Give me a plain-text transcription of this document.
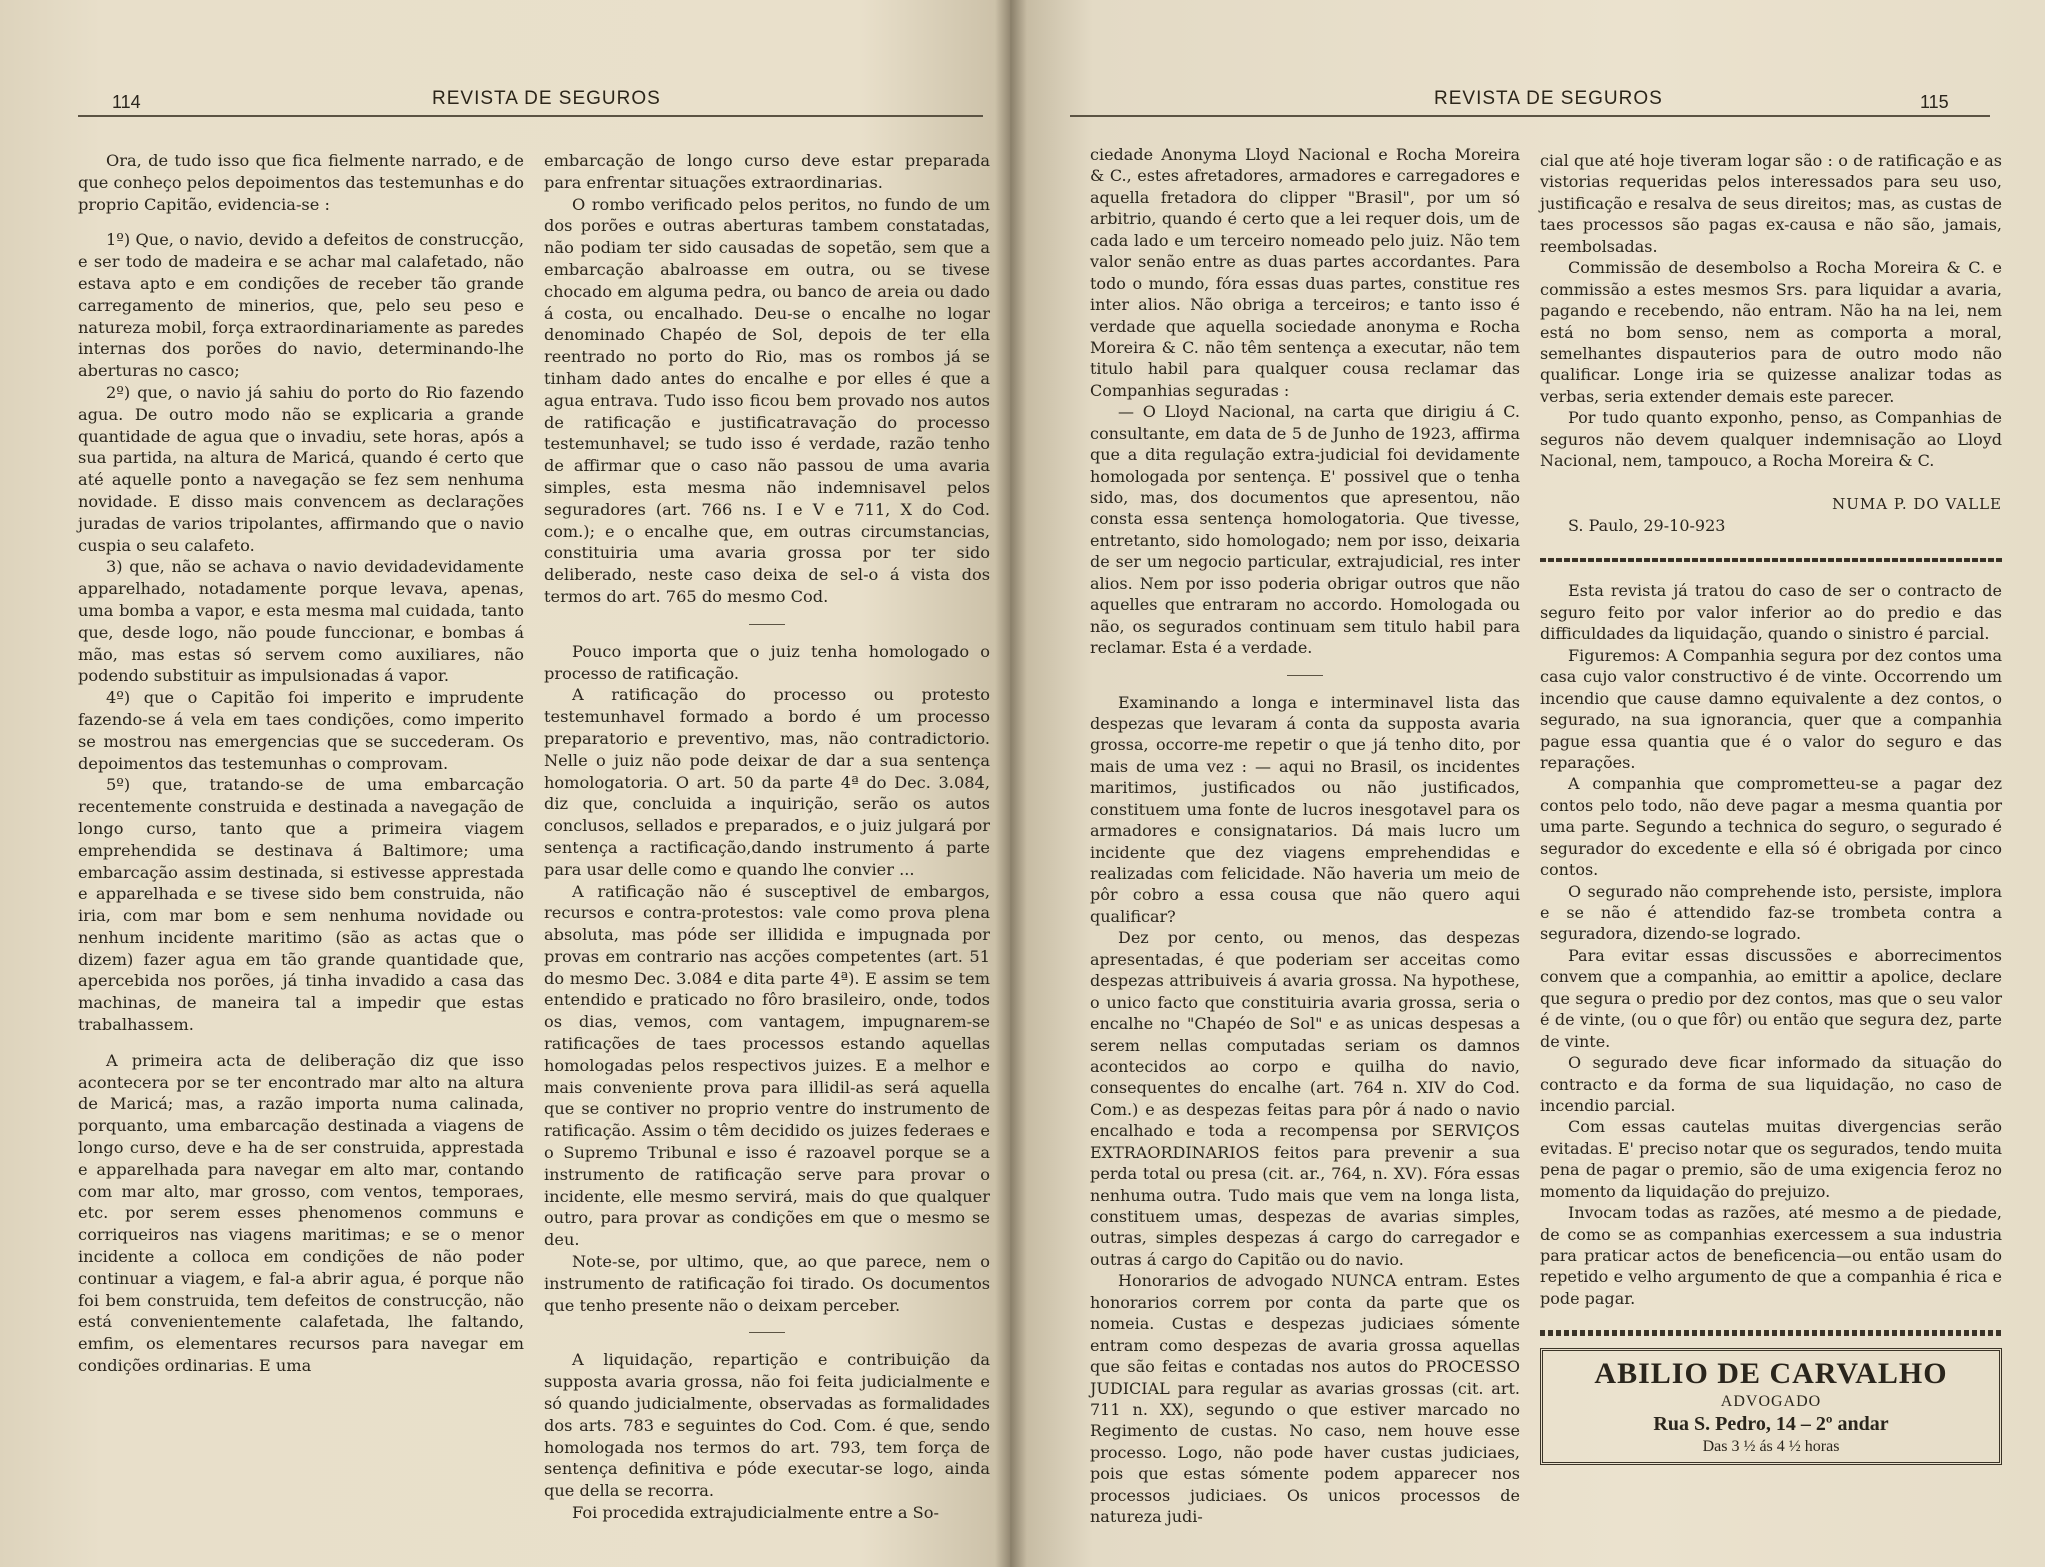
114	REVISTA DE SEGUROS

Ora, de tudo isso que fica fielmente narrado, e de que conheço pelos depoimentos das testemunhas e do proprio Capitão, evidencia-se :

1º) Que, o navio, devido a defeitos de construcção, e ser todo de madeira e se achar mal calafetado, não estava apto e em condições de receber tão grande carregamento de minerios, que, pelo seu peso e natureza mobil, força extraordinariamente as paredes internas dos porões do navio, determinando-lhe aberturas no casco;

2º) que, o navio já sahiu do porto do Rio fazendo agua. De outro modo não se explicaria a grande quantidade de agua que o invadiu, sete horas, após a sua partida, na altura de Maricá, quando é certo que até aquelle ponto a navegação se fez sem nenhuma novidade. E disso mais convencem as declarações juradas de varios tripolantes, affirmando que o navio cuspia o seu calafeto.

3) que, não se achava o navio devidadevidamente apparelhado, notadamente porque levava, apenas, uma bomba a vapor, e esta mesma mal cuidada, tanto que, desde logo, não poude funccionar, e bombas á mão, mas estas só servem como auxiliares, não podendo substituir as impulsionadas á vapor.

4º) que o Capitão foi imperito e imprudente fazendo-se á vela em taes condições, como imperito se mostrou nas emergencias que se succederam. Os depoimentos das testemunhas o comprovam.

5º) que, tratando-se de uma embarcação recentemente construida e destinada a navegação de longo curso, tanto que a primeira viagem emprehendida se destinava á Baltimore; uma embarcação assim destinada, si estivesse apprestada e apparelhada e se tivese sido bem construida, não iria, com mar bom e sem nenhuma novidade ou nenhum incidente maritimo (são as actas que o dizem) fazer agua em tão grande quantidade que, apercebida nos porões, já tinha invadido a casa das machinas, de maneira tal a impedir que estas trabalhassem.

A primeira acta de deliberação diz que isso acontecera por se ter encontrado mar alto na altura de Maricá; mas, a razão importa numa calinada, porquanto, uma embarcação destinada a viagens de longo curso, deve e ha de ser construida, apprestada e apparelhada para navegar em alto mar, contando com mar alto, mar grosso, com ventos, temporaes, etc. por serem esses phenomenos communs e corriqueiros nas viagens maritimas; e se o menor incidente a colloca em condições de não poder continuar a viagem, e fal-a abrir agua, é porque não foi bem construida, tem defeitos de construcção, não está convenientemente calafetada, lhe faltando, emfim, os elementares recursos para navegar em condições ordinarias. E uma

embarcação de longo curso deve estar preparada para enfrentar situações extraordinarias.

O rombo verificado pelos peritos, no fundo de um dos porões e outras aberturas tambem constatadas, não podiam ter sido causadas de sopetão, sem que a embarcação abalroasse em outra, ou se tivese chocado em alguma pedra, ou banco de areia ou dado á costa, ou encalhado. Deu-se o encalhe no logar denominado Chapéo de Sol, depois de ter ella reentrado no porto do Rio, mas os rombos já se tinham dado antes do encalhe e por elles é que a agua entrava. Tudo isso ficou bem provado nos autos de ratificação e justificatravação do processo testemunhavel; se tudo isso é verdade, razão tenho de affirmar que o caso não passou de uma avaria simples, esta mesma não indemnisavel pelos seguradores (art. 766 ns. I e V e 711, X do Cod. com.); e o encalhe que, em outras circumstancias, constituiria uma avaria grossa por ter sido deliberado, neste caso deixa de sel-o á vista dos termos do art. 765 do mesmo Cod.

Pouco importa que o juiz tenha homologado o processo de ratificação.

A ratificação do processo ou protesto testemunhavel formado a bordo é um processo preparatorio e preventivo, mas, não contradictorio. Nelle o juiz não pode deixar de dar a sua sentença homologatoria. O art. 50 da parte 4ª do Dec. 3.084, diz que, concluida a inquirição, serão os autos conclusos, sellados e preparados, e o juiz julgará por sentença a ractificação,dando instrumento á parte para usar delle como e quando lhe convier ...

A ratificação não é susceptivel de embargos, recursos e contra-protestos: vale como prova plena absoluta, mas póde ser illidida e impugnada por provas em contrario nas acções competentes (art. 51 do mesmo Dec. 3.084 e dita parte 4ª). E assim se tem entendido e praticado no fôro brasileiro, onde, todos os dias, vemos, com vantagem, impugnarem-se ratificações de taes processos estando aquellas homologadas pelos respectivos juizes. E a melhor e mais conveniente prova para illidil-as será aquella que se contiver no proprio ventre do instrumento de ratificação. Assim o têm decidido os juizes federaes e o Supremo Tribunal e isso é razoavel porque se a instrumento de ratificação serve para provar o incidente, elle mesmo servirá, mais do que qualquer outro, para provar as condições em que o mesmo se deu.

Note-se, por ultimo, que, ao que parece, nem o instrumento de ratificação foi tirado. Os documentos que tenho presente não o deixam perceber.

A liquidação, repartição e contribuição da supposta avaria grossa, não foi feita judicialmente e só quando judicialmente, observadas as formalidades dos arts. 783 e seguintes do Cod. Com. é que, sendo homologada nos termos do art. 793, tem força de sentença definitiva e póde executar-se logo, ainda que della se recorra.

Foi procedida extrajudicialmente entre a So-

REVISTA DE SEGUROS	115

ciedade Anonyma Lloyd Nacional e Rocha Moreira & C., estes afretadores, armadores e carregadores e aquella fretadora do clipper "Brasil", por um só arbitrio, quando é certo que a lei requer dois, um de cada lado e um terceiro nomeado pelo juiz. Não tem valor senão entre as duas partes accordantes. Para todo o mundo, fóra essas duas partes, constitue res inter alios. Não obriga a terceiros; e tanto isso é verdade que aquella sociedade anonyma e Rocha Moreira & C. não têm sentença a executar, não tem titulo habil para qualquer cousa reclamar das Companhias seguradas :

— O Lloyd Nacional, na carta que dirigiu á C. consultante, em data de 5 de Junho de 1923, affirma que a dita regulação extra-judicial foi devidamente homologada por sentença. E' possivel que o tenha sido, mas, dos documentos que apresentou, não consta essa sentença homologatoria. Que tivesse, entretanto, sido homologado; nem por isso, deixaria de ser um negocio particular, extrajudicial, res inter alios. Nem por isso poderia obrigar outros que não aquelles que entraram no accordo. Homologada ou não, os segurados continuam sem titulo habil para reclamar. Esta é a verdade.

Examinando a longa e interminavel lista das despezas que levaram á conta da supposta avaria grossa, occorre-me repetir o que já tenho dito, por mais de uma vez : — aqui no Brasil, os incidentes maritimos, justificados ou não justificados, constituem uma fonte de lucros inesgotavel para os armadores e consignatarios. Dá mais lucro um incidente que dez viagens emprehendidas e realizadas com felicidade. Não haveria um meio de pôr cobro a essa cousa que não quero aqui qualificar?

Dez por cento, ou menos, das despezas apresentadas, é que poderiam ser acceitas como despezas attribuiveis á avaria grossa. Na hypothese, o unico facto que constituiria avaria grossa, seria o encalhe no "Chapéo de Sol" e as unicas despesas a serem nellas computadas seriam os damnos acontecidos ao corpo e quilha do navio, consequentes do encalhe (art. 764 n. XIV do Cod. Com.) e as despezas feitas para pôr á nado o navio encalhado e toda a recompensa por SERVIÇOS EXTRAORDINARIOS feitos para prevenir a sua perda total ou presa (cit. ar., 764, n. XV). Fóra essas nenhuma outra. Tudo mais que vem na longa lista, constituem umas, despezas de avarias simples, outras, simples despezas á cargo do carregador e outras á cargo do Capitão ou do navio.

Honorarios de advogado NUNCA entram. Estes honorarios correm por conta da parte que os nomeia. Custas e despezas judiciaes sómente entram como despezas de avaria grossa aquellas que são feitas e contadas nos autos do PROCESSO JUDICIAL para regular as avarias grossas (cit. art. 711 n. XX), segundo o que estiver marcado no Regimento de custas. No caso, nem houve esse processo. Logo, não pode haver custas judiciaes, pois que estas sómente podem apparecer nos processos judiciaes. Os unicos processos de natureza judi-

cial que até hoje tiveram logar são : o de ratificação e as vistorias requeridas pelos interessados para seu uso, justificação e resalva de seus direitos; mas, as custas de taes processos são pagas ex-causa e não são, jamais, reembolsadas.

Commissão de desembolso a Rocha Moreira & C. e commissão a estes mesmos Srs. para liquidar a avaria, pagando e recebendo, não entram. Não ha na lei, nem está no bom senso, nem as comporta a moral, semelhantes dispauterios para de outro modo não qualificar. Longe iria se quizesse analizar todas as verbas, seria extender demais este parecer.

Por tudo quanto exponho, penso, as Companhias de seguros não devem qualquer indemnisação ao Lloyd Nacional, nem, tampouco, a Rocha Moreira & C.

NUMA P. DO VALLE

S. Paulo, 29-10-923

Esta revista já tratou do caso de ser o contracto de seguro feito por valor inferior ao do predio e das difficuldades da liquidação, quando o sinistro é parcial.

Figuremos: A Companhia segura por dez contos uma casa cujo valor constructivo é de vinte. Occorrendo um incendio que cause damno equivalente a dez contos, o segurado, na sua ignorancia, quer que a companhia pague essa quantia que é o valor do seguro e das reparações.

A companhia que comprometteu-se a pagar dez contos pelo todo, não deve pagar a mesma quantia por uma parte. Segundo a technica do seguro, o segurado é segurador do excedente e ella só é obrigada por cinco contos.

O segurado não comprehende isto, persiste, implora e se não é attendido faz-se trombeta contra a seguradora, dizendo-se logrado.

Para evitar essas discussões e aborrecimentos convem que a companhia, ao emittir a apolice, declare que segura o predio por dez contos, mas que o seu valor é de vinte, (ou o que fôr) ou então que segura dez, parte de vinte.

O segurado deve ficar informado da situação do contracto e da forma de sua liquidação, no caso de incendio parcial.

Com essas cautelas muitas divergencias serão evitadas. E' preciso notar que os segurados, tendo muita pena de pagar o premio, são de uma exigencia feroz no momento da liquidação do prejuizo.

Invocam todas as razões, até mesmo a de piedade, de como se as companhias exercessem a sua industria para praticar actos de beneficencia—ou então usam do repetido e velho argumento de que a companhia é rica e pode pagar.

ABILIO DE CARVALHO
ADVOGADO
Rua S. Pedro, 14 – 2º andar
Das 3 ½ ás 4 ½ horas
